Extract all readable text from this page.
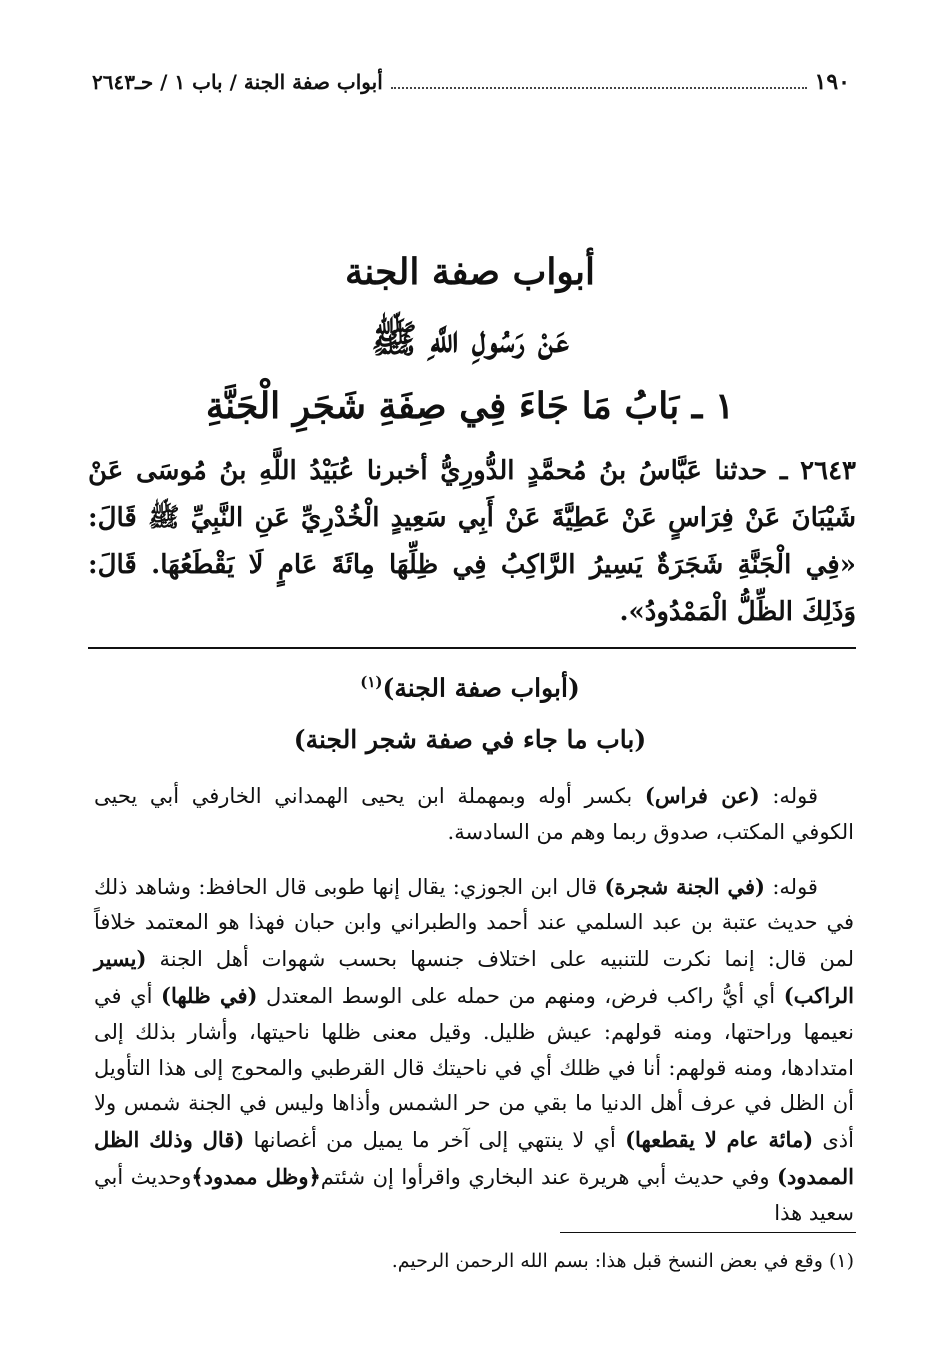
١٩٠
أبواب صفة الجنة / باب ١ / حـ٢٦٤٣
أبواب صفة الجنة
عَنْ رَسُولِ اللَّهِ ﷺ
١ ـ بَابُ مَا جَاءَ فِي صِفَةِ شَجَرِ الْجَنَّةِ
٢٦٤٣ ـ حدثنا عَبَّاسُ بنُ مُحمَّدٍ الدُّورِيُّ أخبرنا عُبَيْدُ اللَّهِ بنُ مُوسَى عَنْ شَيْبَانَ عَنْ فِرَاسٍ عَنْ عَطِيَّةَ عَنْ أَبِي سَعِيدٍ الْخُدْرِيِّ عَنِ النَّبِيِّ ﷺ قَالَ: «فِي الْجَنَّةِ شَجَرَةٌ يَسِيرُ الرَّاكِبُ فِي ظِلِّهَا مِائَةَ عَامٍ لَا يَقْطَعُهَا. قَالَ: وَذَلِكَ الظِّلُّ الْمَمْدُودُ».
(أبواب صفة الجنة)$^{(١)}$
(باب ما جاء في صفة شجر الجنة)

قوله: (عن فراس) بكسر أوله وبمهملة ابن يحيى الهمداني الخارفي أبي يحيى الكوفي المكتب، صدوق ربما وهم من السادسة.

قوله: (في الجنة شجرة) قال ابن الجوزي: يقال إنها طوبى قال الحافظ: وشاهد ذلك في حديث عتبة بن عبد السلمي عند أحمد والطبراني وابن حبان فهذا هو المعتمد خلافاً لمن قال: إنما نكرت للتنبيه على اختلاف جنسها بحسب شهوات أهل الجنة (يسير الراكب) أي أيُّ راكب فرض، ومنهم من حمله على الوسط المعتدل (في ظلها) أي في نعيمها وراحتها، ومنه قولهم: عيش ظليل. وقيل معنى ظلها ناحيتها، وأشار بذلك إلى امتدادها، ومنه قولهم: أنا في ظلك أي في ناحيتك قال القرطبي والمحوج إلى هذا التأويل أن الظل في عرف أهل الدنيا ما بقي من حر الشمس وأذاها وليس في الجنة شمس ولا أذى (مائة عام لا يقطعها) أي لا ينتهي إلى آخر ما يميل من أغصانها (قال وذلك الظل الممدود) وفي حديث أبي هريرة عند البخاري واقرأوا إن شئتم﴿وظل ممدود﴾وحديث أبي سعيد هذا

(١) وقع في بعض النسخ قبل هذا: بسم الله الرحمن الرحيم.
